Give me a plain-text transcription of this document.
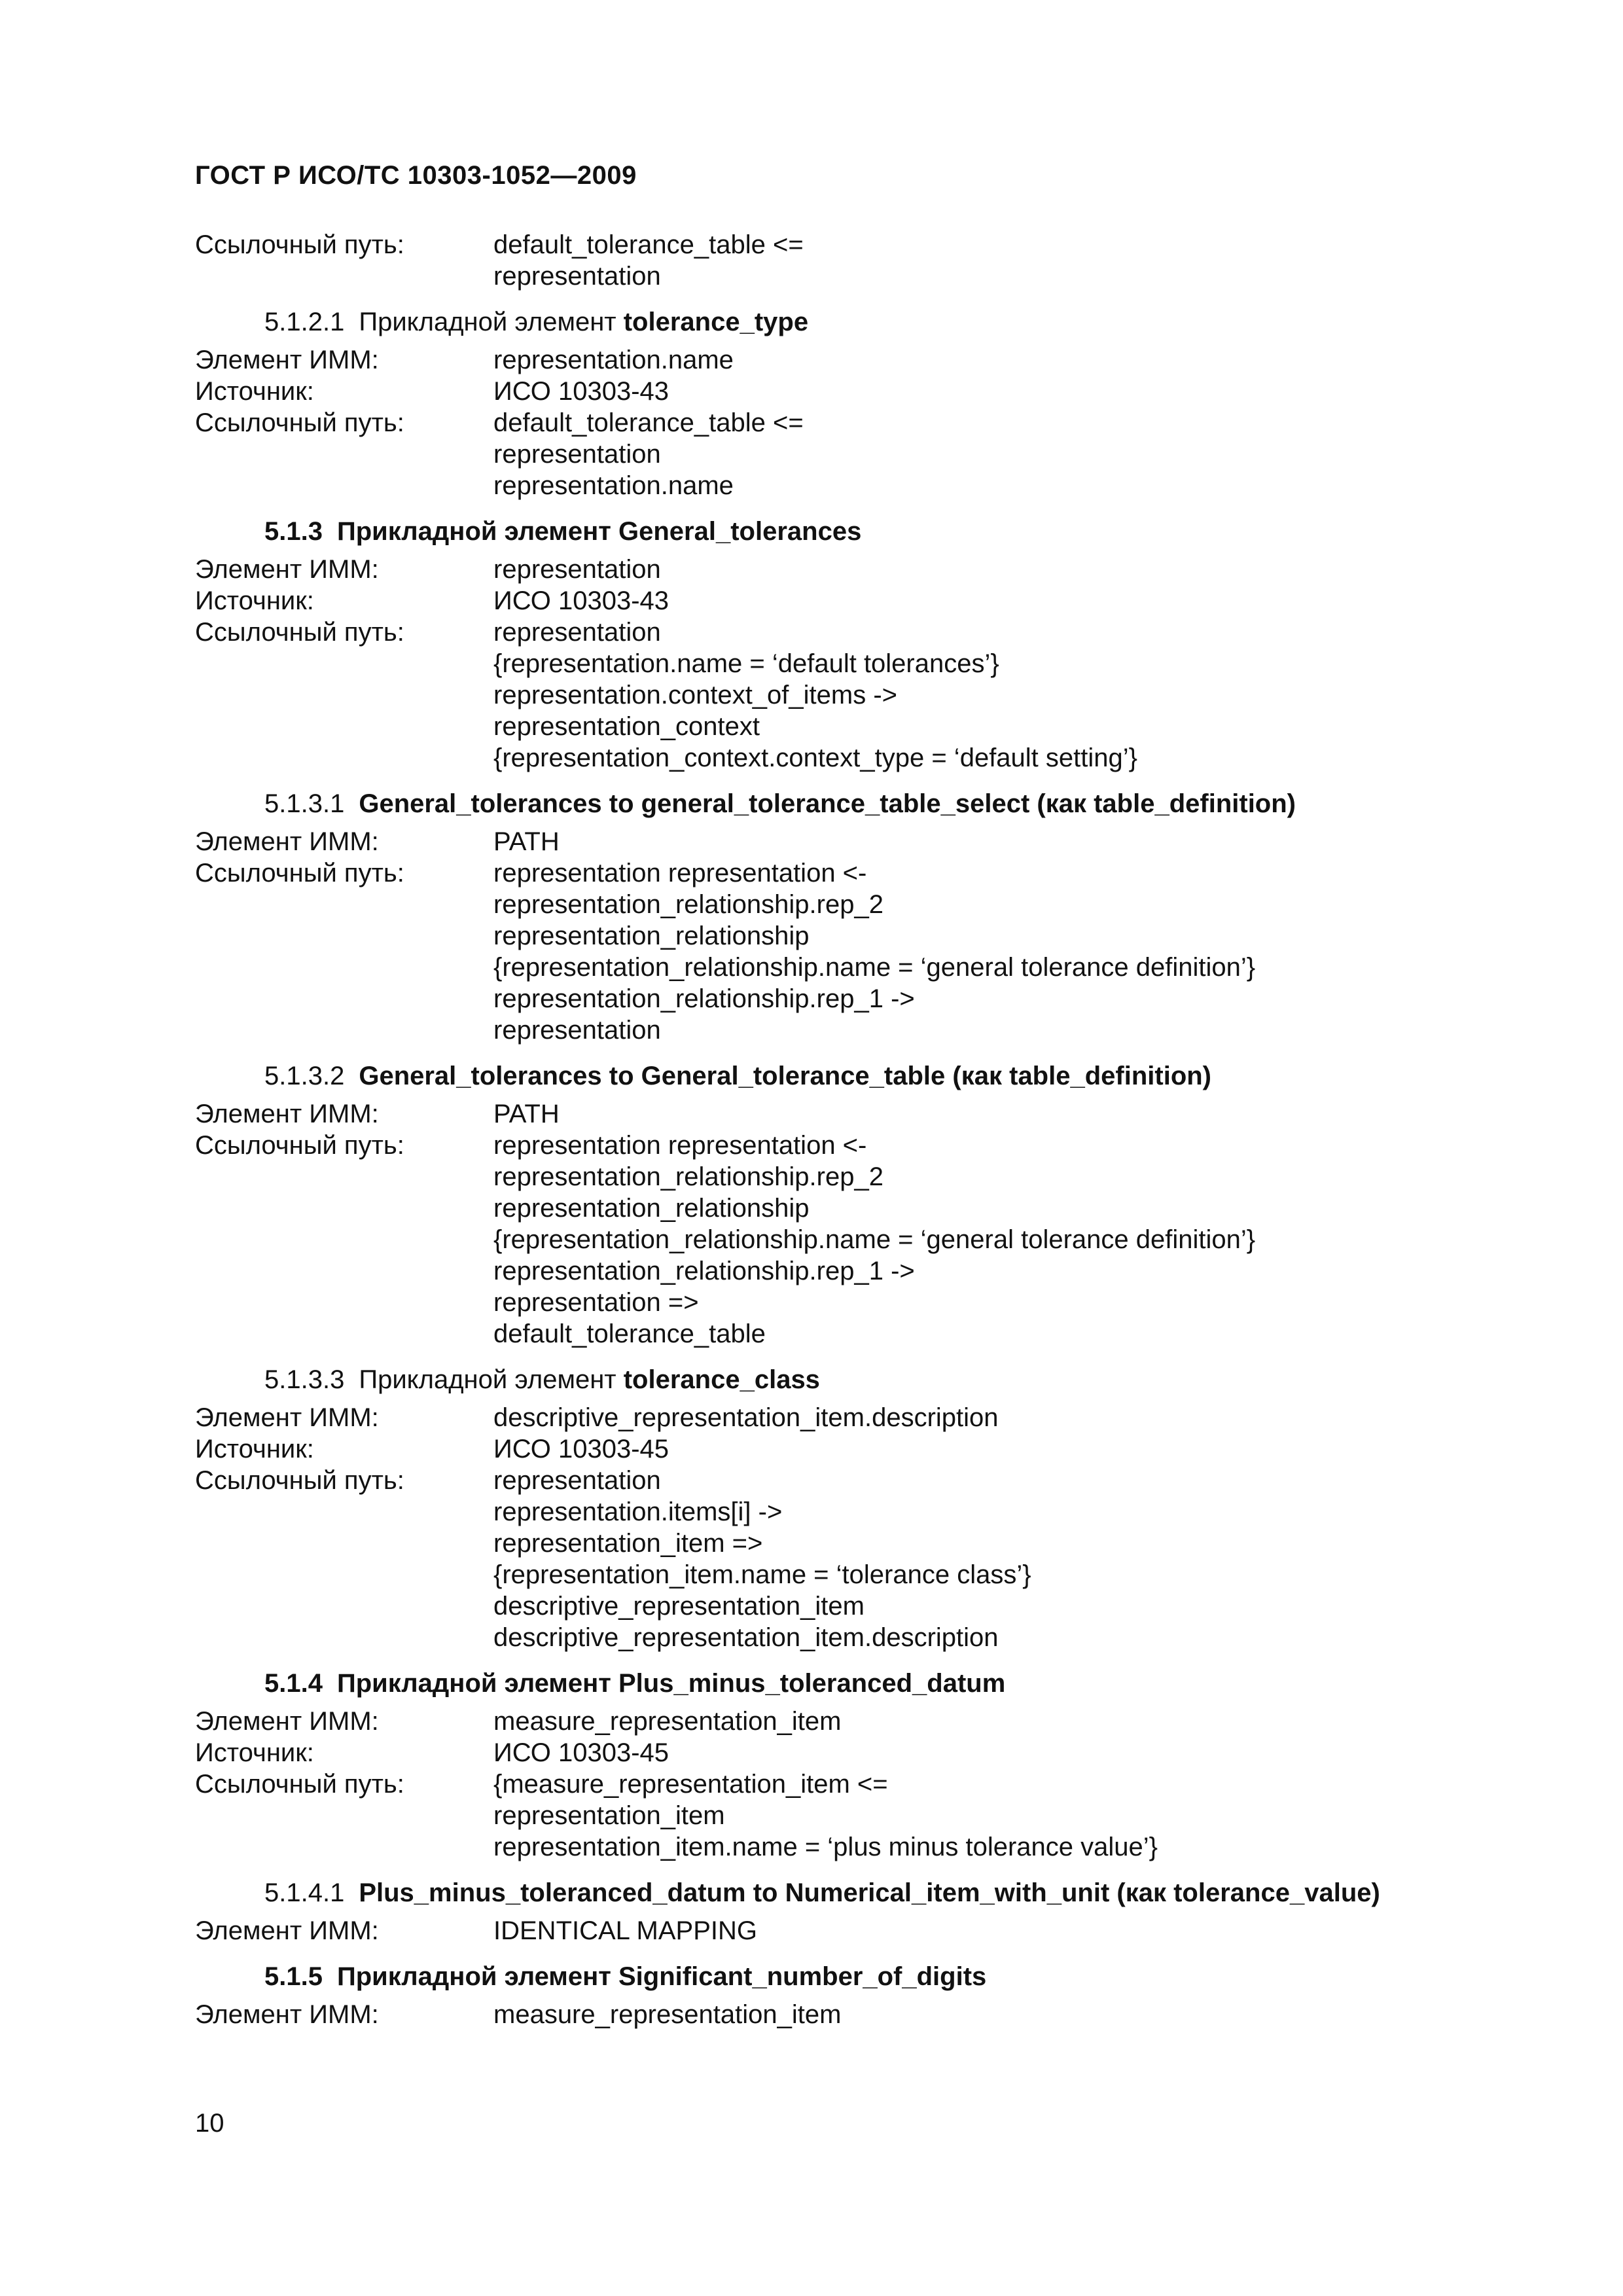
ГОСТ Р ИСО/ТС 10303-1052—2009
Ссылочный путь:	default_tolerance_table <=
representation
5.1.2.1 Прикладной элемент tolerance_type
Элемент ИММ:	representation.name
Источник:	ИСО 10303-43
Ссылочный путь:	default_tolerance_table <=
representation
representation.name
5.1.3 Прикладной элемент General_tolerances
Элемент ИММ:	representation
Источник:	ИСО 10303-43
Ссылочный путь:	representation
{representation.name = ‘default tolerances’}
representation.context_of_items ->
representation_context
{representation_context.context_type = ‘default setting’}
5.1.3.1 General_tolerances to general_tolerance_table_select (как table_definition)
Элемент ИММ:	PATH
Ссылочный путь:	representation representation <-
representation_relationship.rep_2
representation_relationship
{representation_relationship.name = ‘general tolerance definition’}
representation_relationship.rep_1 ->
representation
5.1.3.2 General_tolerances to General_tolerance_table (как table_definition)
Элемент ИММ:	PATH
Ссылочный путь:	representation representation <-
representation_relationship.rep_2
representation_relationship
{representation_relationship.name = ‘general tolerance definition’}
representation_relationship.rep_1 ->
representation =>
default_tolerance_table
5.1.3.3 Прикладной элемент tolerance_class
Элемент ИММ:	descriptive_representation_item.description
Источник:	ИСО 10303-45
Ссылочный путь:	representation
representation.items[i] ->
representation_item =>
{representation_item.name = ‘tolerance class’}
descriptive_representation_item
descriptive_representation_item.description
5.1.4 Прикладной элемент Plus_minus_toleranced_datum
Элемент ИММ:	measure_representation_item
Источник:	ИСО 10303-45
Ссылочный путь:	{measure_representation_item <=
representation_item
representation_item.name = ‘plus minus tolerance value’}
5.1.4.1 Plus_minus_toleranced_datum to Numerical_item_with_unit (как tolerance_value)
Элемент ИММ:	IDENTICAL MAPPING
5.1.5 Прикладной элемент Significant_number_of_digits
Элемент ИММ:	measure_representation_item
10
